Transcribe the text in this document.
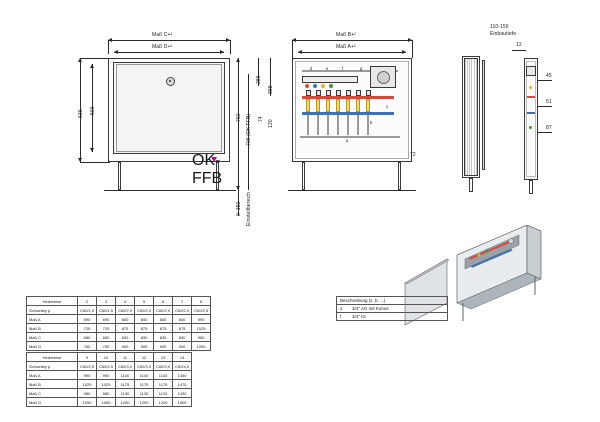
Maß C+²
Maß D+²
636 566
OK-FFB
Maß B+²
Maß A+²
a
b
c
d	e	f	g
286
388
760 706 (OK FFB) 74
130
72
0–150 Einstellbereich
110-150
Einbautiefe
12
45
51
87
Heizkreise	2	3	4	5	6	7	8
Schrankty p	C60/1,5	C60/1,5	C60/2,0	C60/2,0	C60/2,0	C60/2,0	C60/2,5
Maß A	690	690	840	840	840	840	990
Maß B	725	725	875	875	875	875	1025
Maß C	680	680	830	830	830	830	980
Maß D	750	750	900	900	900	900	1050
Heizkreise	9	10	11	12	13	14
Schrankty p	C60/2,5	C60/2,5	C60/3,0	C60/3,0	C60/3,0	C60/4,0
Maß A	990	990	1140	1140	1140	1440
Maß B	1025	1025	1175	1175	1175	1475
Maß C	980	980	1130	1130	1130	1430
Maß D	1050	1050	1200	1200	1200	1500
Beschreibung (z. b: ...)
s	3/4" AG mit Konus
f	3/4" IG
